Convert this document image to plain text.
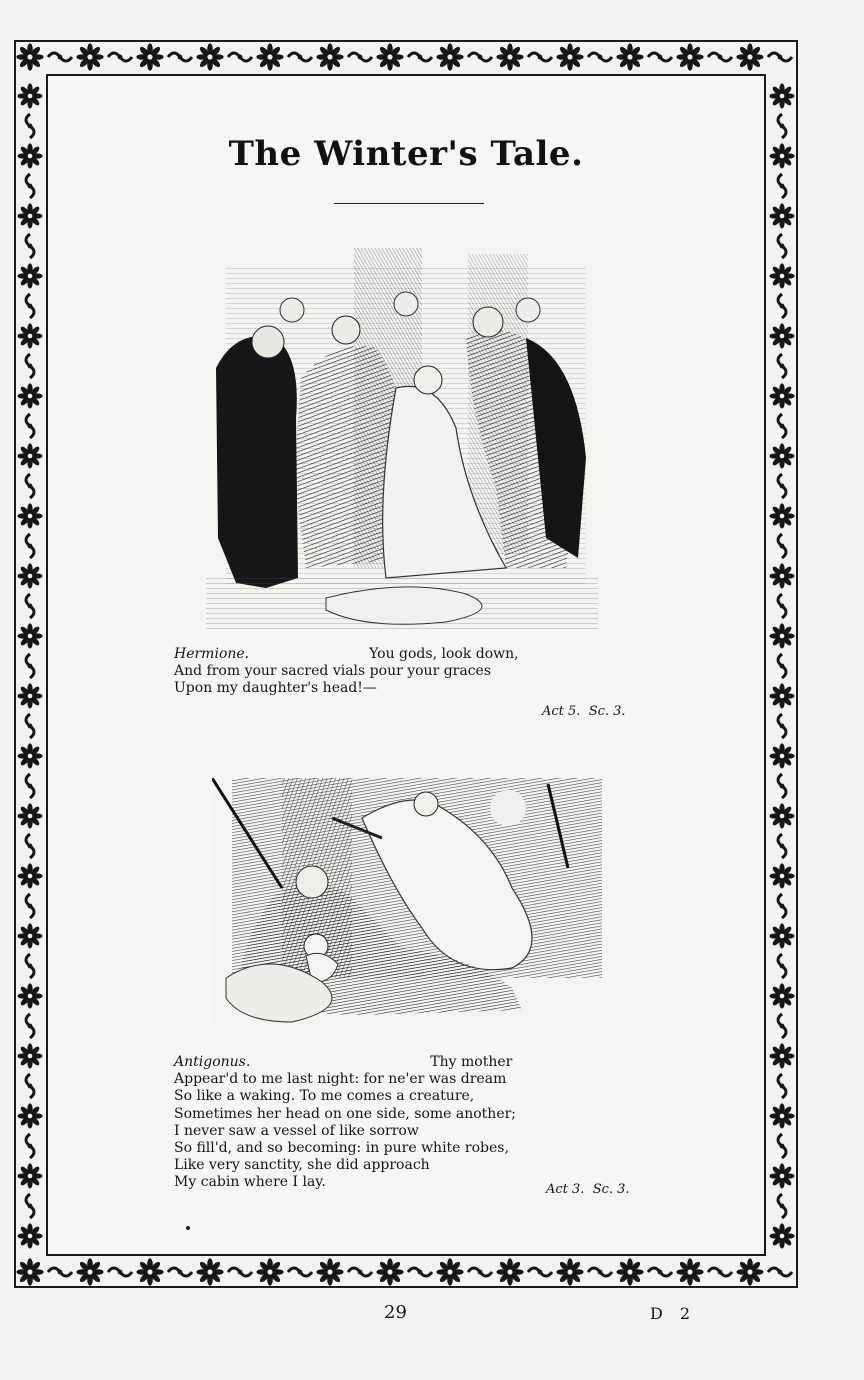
The Winter's Tale.
Hermione.	You gods, look down,
And from your sacred vials pour your graces
Upon my daughter's head!—
Act 5. Sc. 3.
Antigonus.	Thy mother
Appear'd to me last night: for ne'er was dream
So like a waking. To me comes a creature,
Sometimes her head on one side, some another;
I never saw a vessel of like sorrow
So fill'd, and so becoming: in pure white robes,
Like very sanctity, she did approach
My cabin where I lay.	Act 3. Sc. 3.
29	D 2
